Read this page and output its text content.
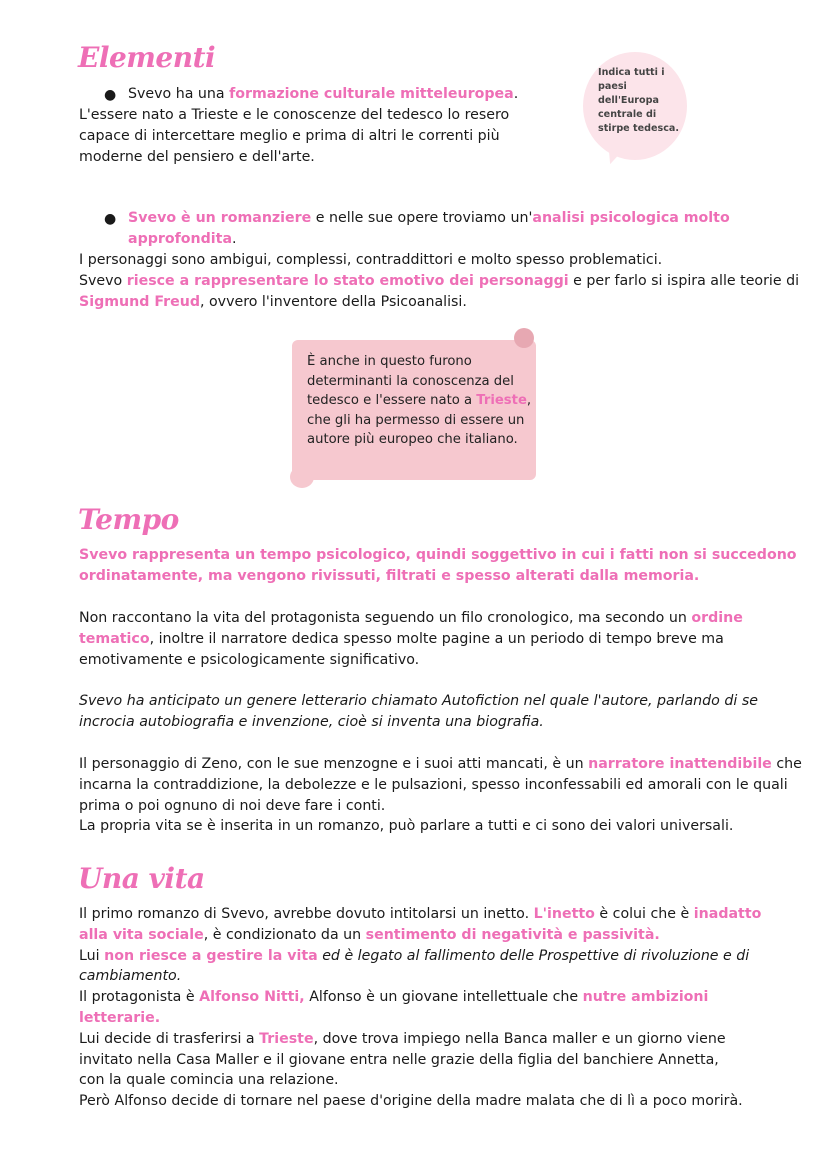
Elementi	Indica tutti i paesi dell'Europa centrale di stirpe tedesca.
● Svevo ha una formazione culturale mitteleuropea.

L'essere nato a Trieste e le conoscenze del tedesco lo resero
capace di intercettare meglio e prima di altri le correnti più
moderne del pensiero e dell'arte.

● Svevo è un romanziere e nelle sue opere troviamo un'analisi psicologica molto
approfondita.

I personaggi sono ambigui, complessi, contraddittori e molto spesso problematici.
Svevo riesce a rappresentare lo stato emotivo dei personaggi e per farlo si ispira alle teorie di
Sigmund Freud, ovvero l'inventore della Psicoanalisi.

È anche in questo furono determinanti la conoscenza del tedesco e l'essere nato a Trieste, che gli ha permesso di essere un autore più europeo che italiano.
Tempo

Svevo rappresenta un tempo psicologico, quindi soggettivo in cui i fatti non si succedono
ordinatamente, ma vengono rivissuti, filtrati e spesso alterati dalla memoria.

Non raccontano la vita del protagonista seguendo un filo cronologico, ma secondo un ordine
tematico, inoltre il narratore dedica spesso molte pagine a un periodo di tempo breve ma
emotivamente e psicologicamente significativo.

Svevo ha anticipato un genere letterario chiamato Autofiction nel quale l'autore, parlando di se
incrocia autobiografia e invenzione, cioè si inventa una biografia.

Il personaggio di Zeno, con le sue menzogne e i suoi atti mancati, è un narratore inattendibile che
incarna la contraddizione, la debolezze e le pulsazioni, spesso inconfessabili ed amorali con le quali
prima o poi ognuno di noi deve fare i conti.
La propria vita se è inserita in un romanzo, può parlare a tutti e ci sono dei valori universali.

Una vita

Il primo romanzo di Svevo, avrebbe dovuto intitolarsi un inetto. L'inetto è colui che è inadatto
alla vita sociale, è condizionato da un sentimento di negatività e passività.
Lui non riesce a gestire la vita ed è legato al fallimento delle Prospettive di rivoluzione e di
cambiamento.
Il protagonista è Alfonso Nitti, Alfonso è un giovane intellettuale che nutre ambizioni
letterarie.
Lui decide di trasferirsi a Trieste, dove trova impiego nella Banca maller e un giorno viene
invitato nella Casa Maller e il giovane entra nelle grazie della figlia del banchiere Annetta,
con la quale comincia una relazione.
Però Alfonso decide di tornare nel paese d'origine della madre malata che di lì a poco morirà.
